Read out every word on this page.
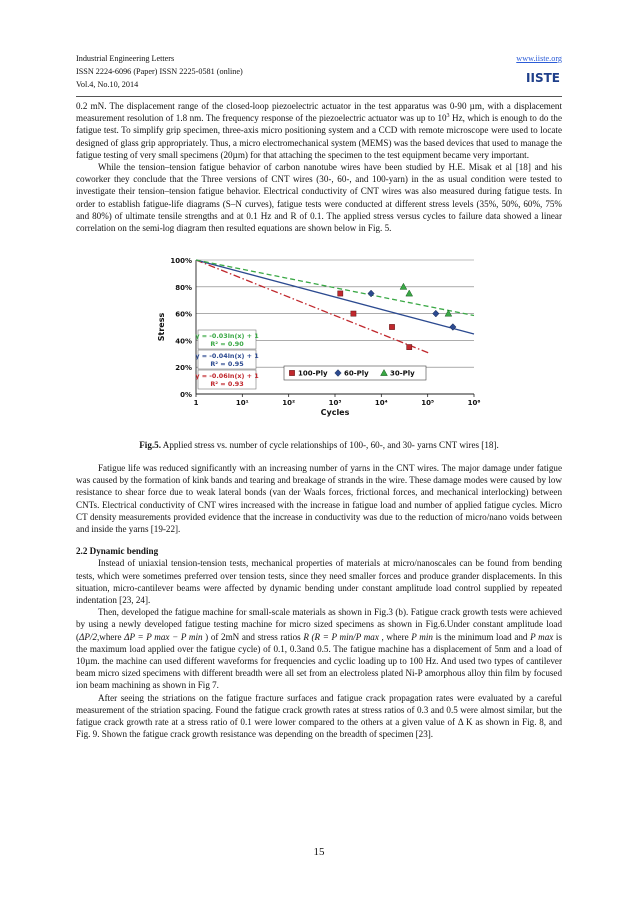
Industrial Engineering Letters
ISSN 2224-6096 (Paper) ISSN 2225-0581 (online)
Vol.4, No.10, 2014
www.iiste.org
IISTE

0.2 mN. The displacement range of the closed-loop piezoelectric actuator in the test apparatus was 0-90 µm, with a displacement measurement resolution of 1.8 nm. The frequency response of the piezoelectric actuator was up to $10^3$ Hz, which is enough to do the fatigue test. To simplify grip specimen, three-axis micro positioning system and a CCD with remote microscope were used to locate designed of glass grip appropriately. Thus, a micro electromechanical system (MEMS) was the based devices that used to manage the fatigue testing of very small specimens (20µm) for that attaching the specimen to the test equipment became very important.

While the tension–tension fatigue behavior of carbon nanotube wires have been studied by H.E. Misak et al [18] and his coworker they conclude that the Three versions of CNT wires (30-, 60-, and 100-yarn) in the as usual condition were tested to investigate their tension–tension fatigue behavior. Electrical conductivity of CNT wires was also measured during fatigue tests. In order to establish fatigue-life diagrams (S–N curves), fatigue tests were conducted at different stress levels (35%, 50%, 60%, 75% and 80%) of ultimate tensile strengths and at 0.1 Hz and R of 0.1. The applied stress versus cycles to failure data showed a linear correlation on the semi-log diagram then resulted equations are shown below in Fig. 5.

0%
20%
40%
60%
80%
100%
1	10¹	10²	10³	10⁴	10⁵	10⁶
y = -0.03ln(x) + 1
R² = 0.90
y = -0.04ln(x) + 1
R² = 0.95
y = -0.06ln(x) + 1
R² = 0.93
100-Ply 60-Ply	30-Ply
Cycles
Stress
Fig.5. Applied stress vs. number of cycle relationships of 100-, 60-, and 30- yarns CNT wires [18].

Fatigue life was reduced significantly with an increasing number of yarns in the CNT wires. The major damage under fatigue was caused by the formation of kink bands and tearing and breakage of strands in the wire. These damage modes were caused by low resistance to shear force due to weak lateral bonds (van der Waals forces, frictional forces, and mechanical interlocking) between CNTs. Electrical conductivity of CNT wires increased with the increase in fatigue load and number of applied fatigue cycles. Micro CT density measurements provided evidence that the increase in conductivity was due to the reduction of micro/nano voids between and inside the yarns [19-22].

2.2 Dynamic bending

Instead of uniaxial tension-tension tests, mechanical properties of materials at micro/nanoscales can be found from bending tests, which were sometimes preferred over tension tests, since they need smaller forces and produce grander displacements. In this situation, micro-cantilever beams were affected by dynamic bending under constant amplitude load control supplied by repeated indentation [23, 24].

Then, developed the fatigue machine for small-scale materials as shown in Fig.3 (b). Fatigue crack growth tests were achieved by using a newly developed fatigue testing machine for micro sized specimens as shown in Fig.6.Under constant amplitude load (ΔP/2,where ΔP = P max − P min ) of 2mN and stress ratios R (R = P min/P max , where P min is the minimum load and P max is the maximum load applied over the fatigue cycle) of 0.1, 0.3and 0.5. The fatigue machine has a displacement of 5nm and a load of 10µm. the machine can used different waveforms for frequencies and cyclic loading up to 100 Hz. And used two types of cantilever beam micro sized specimens with different breadth were all set from an electroless plated Ni-P amorphous alloy thin film by focused ion beam machining as shown in Fig 7.

After seeing the striations on the fatigue fracture surfaces and fatigue crack propagation rates were evaluated by a careful measurement of the striation spacing. Found the fatigue crack growth rates at stress ratios of 0.3 and 0.5 were almost similar, but the fatigue crack growth rate at a stress ratio of 0.1 were lower compared to the others at a given value of Δ K as shown in Fig. 8, and Fig. 9. Shown the fatigue crack growth resistance was depending on the breadth of specimen [23].

15
